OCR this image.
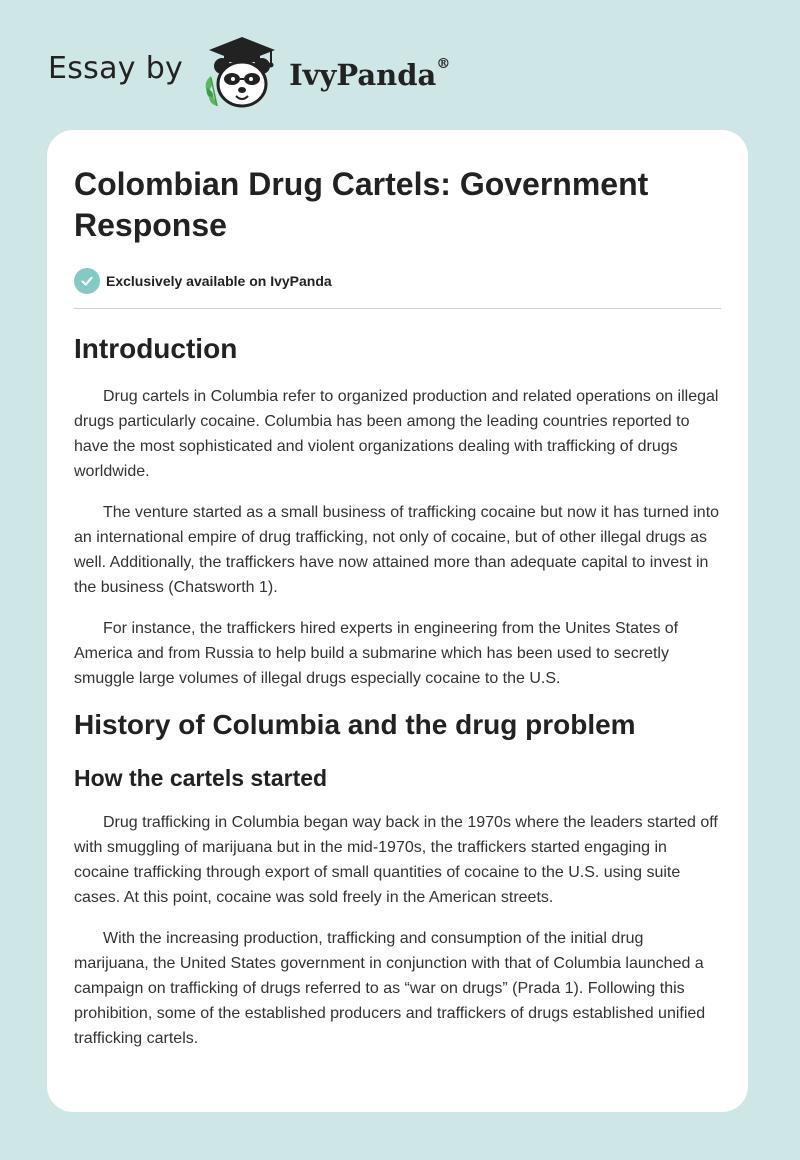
Essay by	IvyPanda®
Colombian Drug Cartels: Government Response
Exclusively available on IvyPanda
Introduction

Drug cartels in Columbia refer to organized production and related operations on illegal drugs particularly cocaine. Columbia has been among the leading countries reported to have the most sophisticated and violent organizations dealing with trafficking of drugs worldwide.

The venture started as a small business of trafficking cocaine but now it has turned into an international empire of drug trafficking, not only of cocaine, but of other illegal drugs as well. Additionally, the traffickers have now attained more than adequate capital to invest in the business (Chatsworth 1).

For instance, the traffickers hired experts in engineering from the Unites States of America and from Russia to help build a submarine which has been used to secretly smuggle large volumes of illegal drugs especially cocaine to the U.S.

History of Columbia and the drug problem
How the cartels started

Drug trafficking in Columbia began way back in the 1970s where the leaders started off with smuggling of marijuana but in the mid-1970s, the traffickers started engaging in cocaine trafficking through export of small quantities of cocaine to the U.S. using suite cases. At this point, cocaine was sold freely in the American streets.

With the increasing production, trafficking and consumption of the initial drug marijuana, the United States government in conjunction with that of Columbia launched a campaign on trafficking of drugs referred to as “war on drugs” (Prada 1). Following this prohibition, some of the established producers and traffickers of drugs established unified trafficking cartels.
